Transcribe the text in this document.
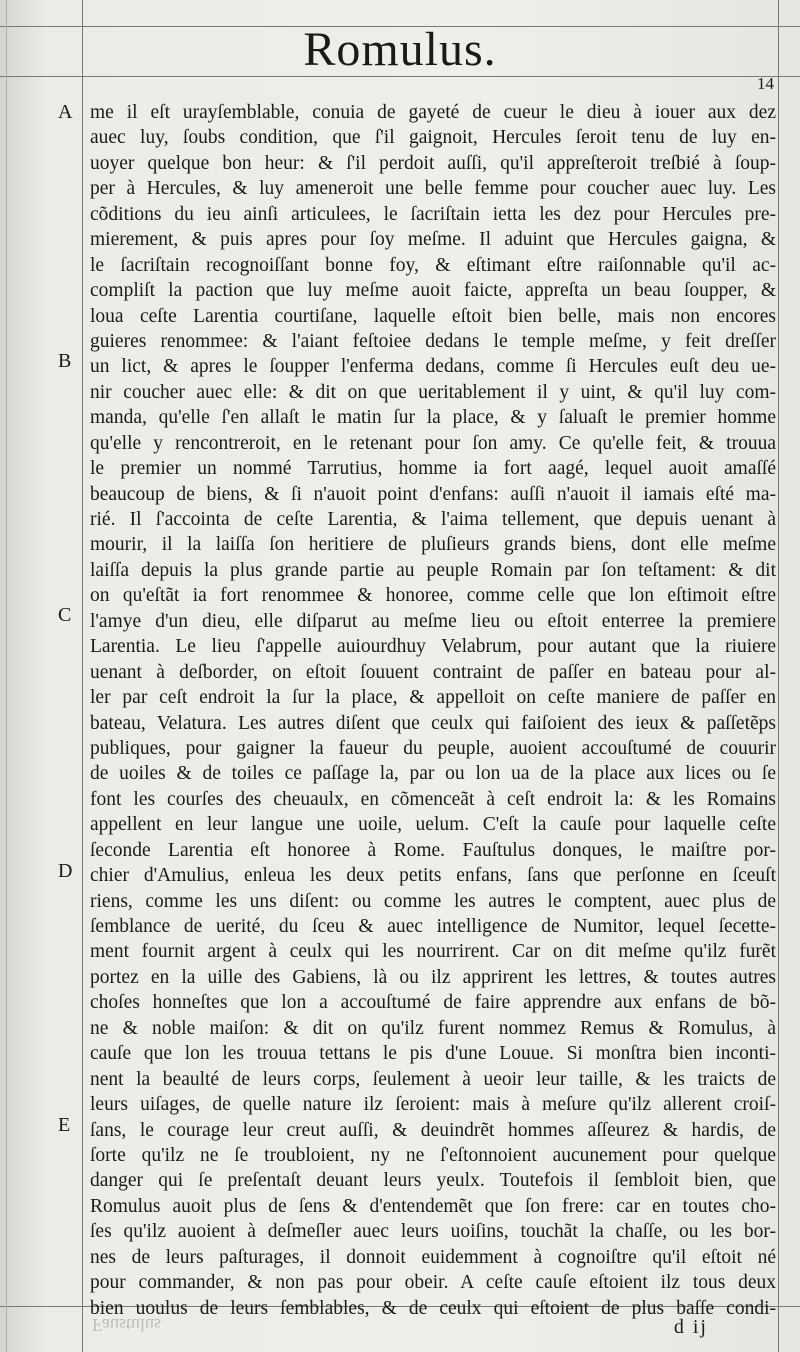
Romulus.
14
A
B
C
D
E
me il eſt urayſemblable, conuia de gayeté de cueur le dieu à iouer aux dez
auec luy, ſoubs condition, que ſ'il gaignoit, Hercules ſeroit tenu de luy en-
uoyer quelque bon heur: & ſ'il perdoit auſſi, qu'il appreſteroit treſbié à ſoup-
per à Hercules, & luy ameneroit une belle femme pour coucher auec luy. Les
cõditions du ieu ainſi articulees, le ſacriſtain ietta les dez pour Hercules pre-
mierement, & puis apres pour ſoy meſme. Il aduint que Hercules gaigna, &
le ſacriſtain recognoiſſant bonne foy, & eſtimant eſtre raiſonnable qu'il ac-
compliſt la paction que luy meſme auoit faicte, appreſta un beau ſoupper, &
loua ceſte Larentia courtiſane, laquelle eſtoit bien belle, mais non encores
guieres renommee: & l'aiant feſtoiee dedans le temple meſme, y feit dreſſer
un lict, & apres le ſoupper l'enferma dedans, comme ſi Hercules euſt deu ue-
nir coucher auec elle: & dit on que ueritablement il y uint, & qu'il luy com-
manda, qu'elle ſ'en allaſt le matin ſur la place, & y ſaluaſt le premier homme
qu'elle y rencontreroit, en le retenant pour ſon amy. Ce qu'elle feit, & trouua
le premier un nommé Tarrutius, homme ia fort aagé, lequel auoit amaſſé
beaucoup de biens, & ſi n'auoit point d'enfans: auſſi n'auoit il iamais eſté ma-
rié. Il ſ'accointa de ceſte Larentia, & l'aima tellement, que depuis uenant à
mourir, il la laiſſa ſon heritiere de pluſieurs grands biens, dont elle meſme
laiſſa depuis la plus grande partie au peuple Romain par ſon teſtament: & dit
on qu'eſtãt ia fort renommee & honoree, comme celle que lon eſtimoit eſtre
l'amye d'un dieu, elle diſparut au meſme lieu ou eſtoit enterree la premiere
Larentia. Le lieu ſ'appelle auiourdhuy Velabrum, pour autant que la riuiere
uenant à deſborder, on eſtoit ſouuent contraint de paſſer en bateau pour al-
ler par ceſt endroit la ſur la place, & appelloit on ceſte maniere de paſſer en
bateau, Velatura. Les autres diſent que ceulx qui faiſoient des ieux & paſſetẽps
publiques, pour gaigner la faueur du peuple, auoient accouſtumé de couurir
de uoiles & de toiles ce paſſage la, par ou lon ua de la place aux lices ou ſe
font les courſes des cheuaulx, en cõmenceãt à ceſt endroit la: & les Romains
appellent en leur langue une uoile, uelum. C'eſt la cauſe pour laquelle ceſte
ſeconde Larentia eſt honoree à Rome. Fauſtulus donques, le maiſtre por-
chier d'Amulius, enleua les deux petits enfans, ſans que perſonne en ſceuſt
riens, comme les uns diſent: ou comme les autres le comptent, auec plus de
ſemblance de uerité, du ſceu & auec intelligence de Numitor, lequel ſecette-
ment fournit argent à ceulx qui les nourrirent. Car on dit meſme qu'ilz furẽt
portez en la uille des Gabiens, là ou ilz apprirent les lettres, & toutes autres
choſes honneſtes que lon a accouſtumé de faire apprendre aux enfans de bõ-
ne & noble maiſon: & dit on qu'ilz furent nommez Remus & Romulus, à
cauſe que lon les trouua tettans le pis d'une Louue. Si monſtra bien inconti-
nent la beaulté de leurs corps, ſeulement à ueoir leur taille, & les traicts de
leurs uiſages, de quelle nature ilz ſeroient: mais à meſure qu'ilz allerent croiſ-
ſans, le courage leur creut auſſi, & deuindrẽt hommes aſſeurez & hardis, de
ſorte qu'ilz ne ſe troubloient, ny ne ſ'eſtonnoient aucunement pour quelque
danger qui ſe preſentaſt deuant leurs yeulx. Toutefois il ſembloit bien, que
Romulus auoit plus de ſens & d'entendemẽt que ſon frere: car en toutes cho-
ſes qu'ilz auoient à deſmeſler auec leurs uoiſins, touchãt la chaſſe, ou les bor-
nes de leurs paſturages, il donnoit euidemment à cognoiſtre qu'il eſtoit né
pour commander, & non pas pour obeir. A ceſte cauſe eſtoient ilz tous deux
bien uoulus de leurs ſemblables, & de ceulx qui eſtoient de plus baſſe condi-
Faustulus	d ij
